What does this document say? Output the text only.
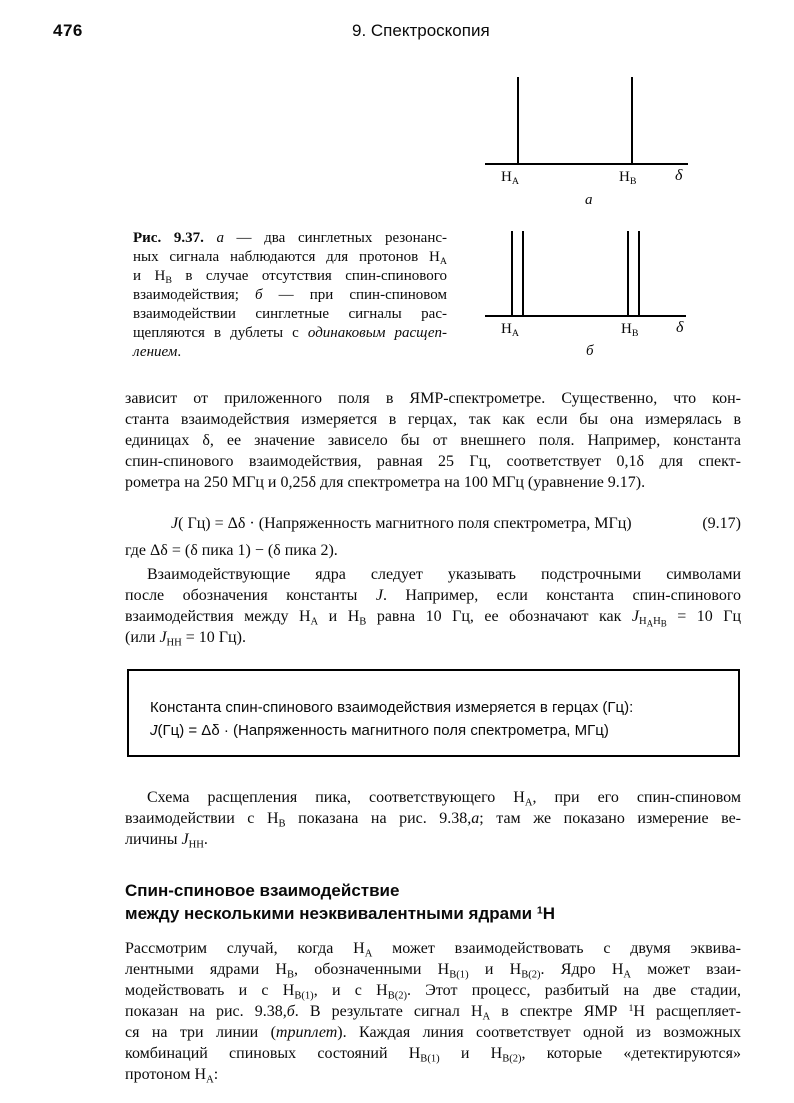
476	9. Спектроскопия
$H_A$	$H_B$ δ
а
$H_A$	$H_B$ δ
б
Рис. 9.37. а — два синглетных резонанс-
ных сигнала наблюдаются для протонов $H_A$
и $H_B$ в случае отсутствия спин-спинового
взаимодействия; б — при спин-спиновом
взаимодействии синглетные сигналы рас-
щепляются в дублеты с одинаковым расщеп-
лением.
зависит от приложенного поля в ЯМР-спектрометре. Существенно, что кон-
станта взаимодействия измеряется в герцах, так как если бы она измерялась в
единицах δ, ее значение зависело бы от внешнего поля. Например, константа
спин-спинового взаимодействия, равная 25 Гц, соответствует 0,1δ для спект-
рометра на 250 МГц и 0,25δ для спектрометра на 100 МГц (уравнение 9.17).
J( Гц) = Δδ · (Напряженность магнитного поля спектрометра, МГц)	(9.17)
где Δδ = (δ пика 1) − (δ пика 2).
Взаимодействующие ядра следует указывать подстрочными символами
после обозначения константы J. Например, если константа спин-спинового
взаимодействия между $H_A$ и $H_B$ равна 10 Гц, ее обозначают как $J_{H_AH_B} = 10$ Гц
(или $J_{HH} = 10$ Гц).
Константа спин-спинового взаимодействия измеряется в герцах (Гц):
J(Гц) = Δδ · (Напряженность магнитного поля спектрометра, МГц)
Схема расщепления пика, соответствующего $H_A$, при его спин-спиновом
взаимодействии с $H_B$ показана на рис. 9.38,а; там же показано измерение ве-
личины $J_{HH}$.
Спин-спиновое взаимодействие
между несколькими неэквивалентными ядрами $^1$H
Рассмотрим случай, когда $H_A$ может взаимодействовать с двумя эквива-
лентными ядрами $H_B$, обозначенными $H_{B(1)}$ и $H_{B(2)}$. Ядро $H_A$ может взаи-
модействовать и с $H_{B(1)}$, и с $H_{B(2)}$. Этот процесс, разбитый на две стадии,
показан на рис. 9.38,б. В результате сигнал $H_A$ в спектре ЯМР $^1$H расщепляет-
ся на три линии (триплет). Каждая линия соответствует одной из возможных
комбинаций спиновых состояний $H_{B(1)}$ и $H_{B(2)}$, которые «детектируются»
протоном $H_A$:
